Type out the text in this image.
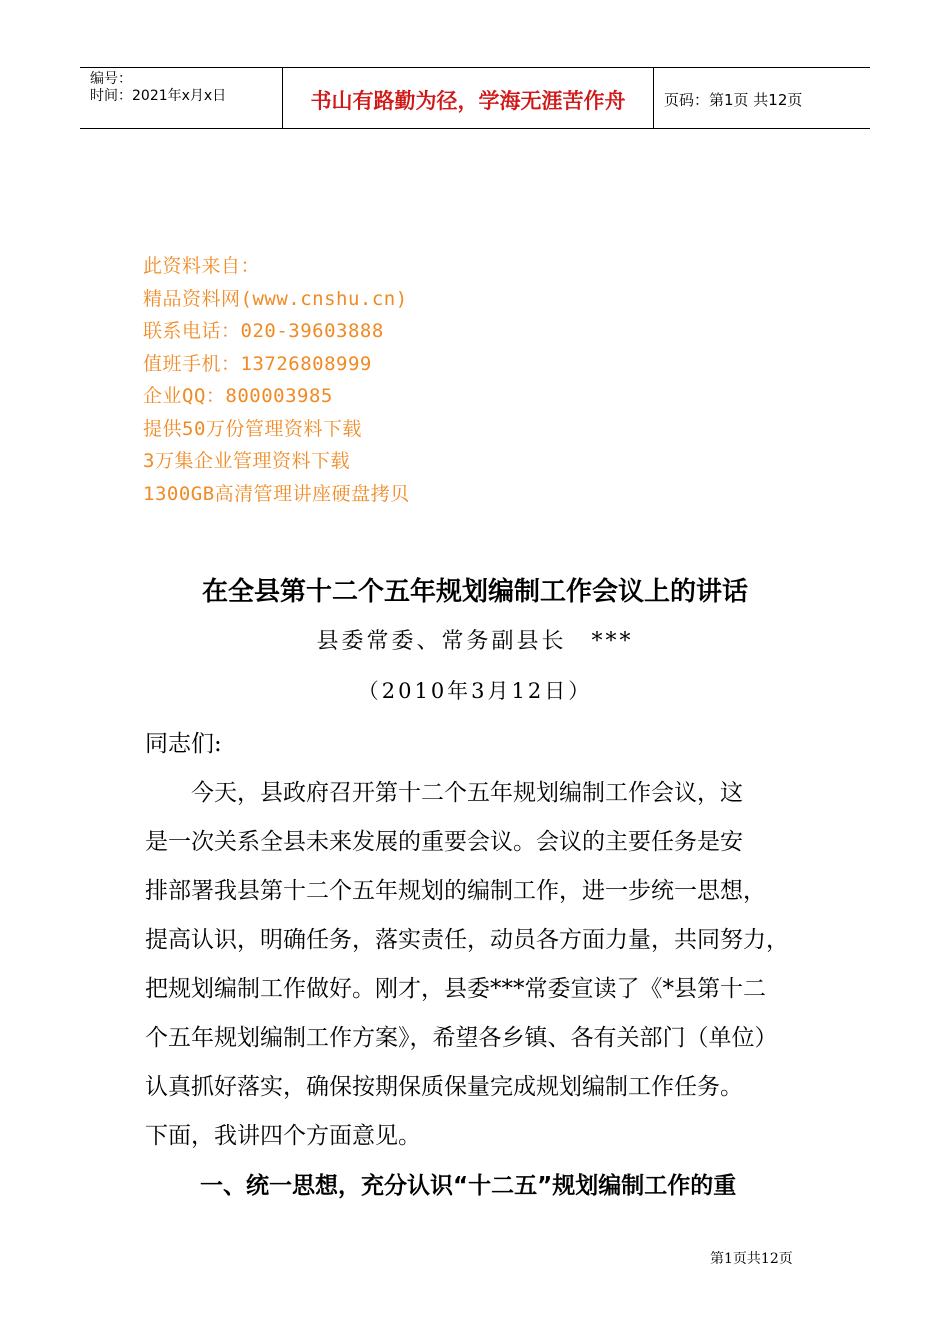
编号：
时间：2021年x月x日	书山有路勤为径，学海无涯苦作舟	页码：第1页 共12页
此资料来自：
精品资料网(www.cnshu.cn)
联系电话：020-39603888
值班手机：13726808999
企业QQ：800003985
提供50万份管理资料下载
3万集企业管理资料下载
1300GB高清管理讲座硬盘拷贝
在全县第十二个五年规划编制工作会议上的讲话
县委常委、常务副县长　***
（2010年3月12日）
同志们:
　　今天，县政府召开第十二个五年规划编制工作会议，这
是一次关系全县未来发展的重要会议。会议的主要任务是安
排部署我县第十二个五年规划的编制工作，进一步统一思想，
提高认识，明确任务，落实责任，动员各方面力量，共同努力，
把规划编制工作做好。刚才，县委***常委宣读了《*县第十二
个五年规划编制工作方案》，希望各乡镇、各有关部门（单位）
认真抓好落实，确保按期保质保量完成规划编制工作任务。
下面，我讲四个方面意见。
一、统一思想，充分认识“十二五”规划编制工作的重
第1页共12页
